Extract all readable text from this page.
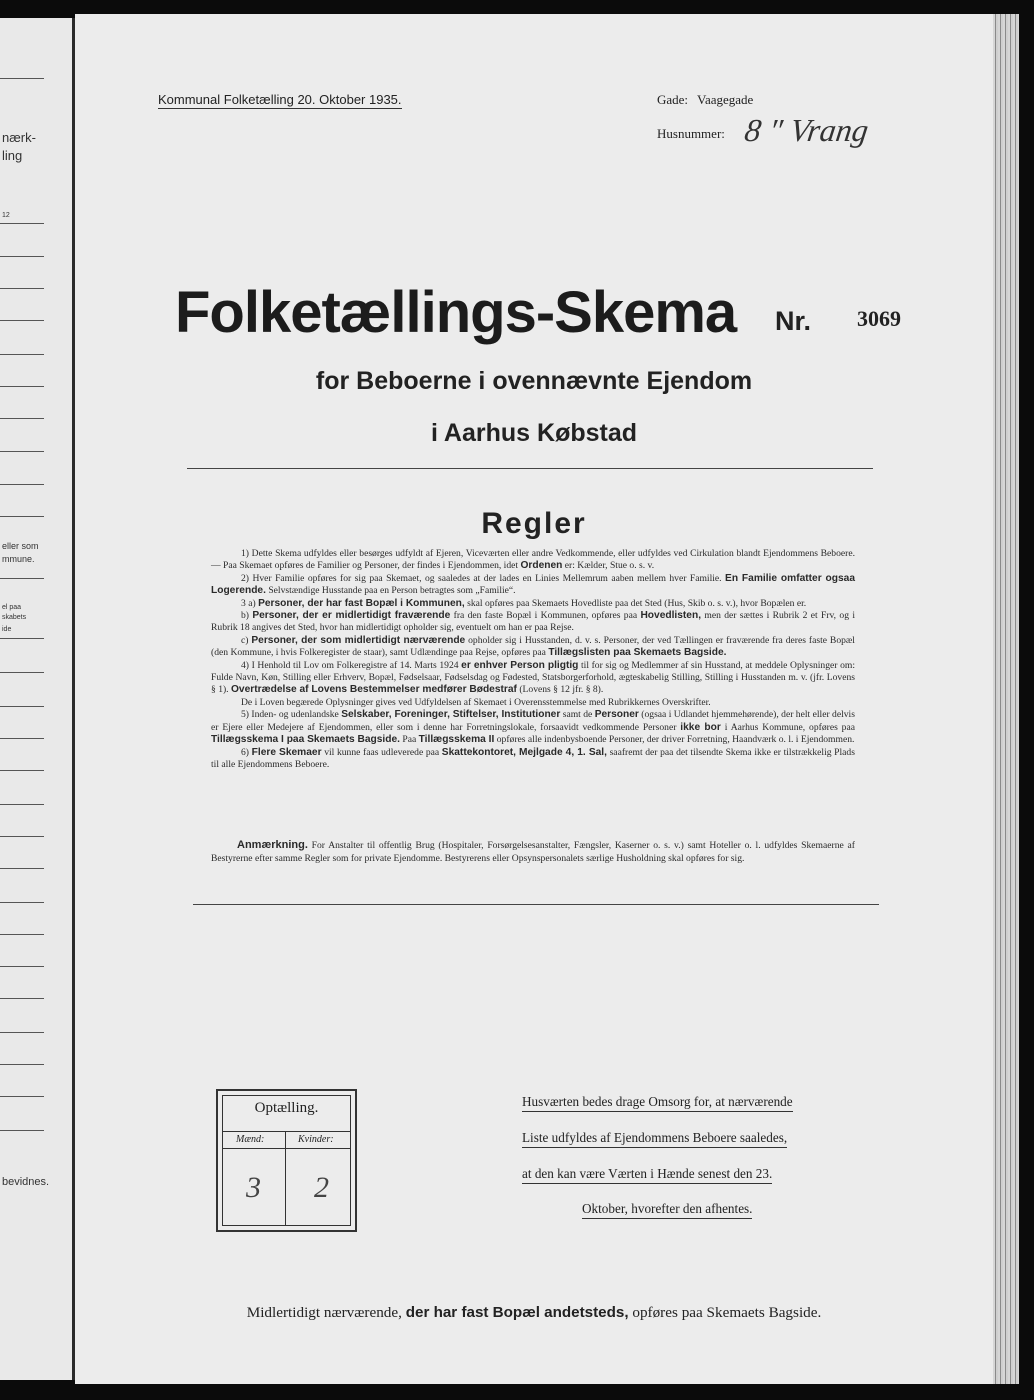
nærk-
ling
12
eller som
mmune.
el paa
skabets
ide
bevidnes.
Kommunal Folketælling 20. Oktober 1935.	Gade: Vaagegade
Husnummer: 8 " Vrang
Folketællings-Skema Nr. 3069
for Beboerne i ovennævnte Ejendom
i Aarhus Købstad
Regler

1) Dette Skema udfyldes eller besørges udfyldt af Ejeren, Viceværten eller andre Vedkommende, eller udfyldes ved Cirkulation blandt Ejendommens Beboere. — Paa Skemaet opføres de Familier og Personer, der findes i Ejendommen, idet Ordenen er: Kælder, Stue o. s. v.

2) Hver Familie opføres for sig paa Skemaet, og saaledes at der lades en Linies Mellemrum aaben mellem hver Familie. En Familie omfatter ogsaa Logerende. Selvstændige Husstande paa en Person betragtes som „Familie“.

3 a) Personer, der har fast Bopæl i Kommunen, skal opføres paa Skemaets Hovedliste paa det Sted (Hus, Skib o. s. v.), hvor Bopælen er.

b) Personer, der er midlertidigt fraværende fra den faste Bopæl i Kommunen, opføres paa Hovedlisten, men der sættes i Rubrik 2 et Frv, og i Rubrik 18 angives det Sted, hvor han midlertidigt opholder sig, eventuelt om han er paa Rejse.

c) Personer, der som midlertidigt nærværende opholder sig i Husstanden, d. v. s. Personer, der ved Tællingen er fraværende fra deres faste Bopæl (den Kommune, i hvis Folkeregister de staar), samt Udlændinge paa Rejse, opføres paa Tillægslisten paa Skemaets Bagside.

4) I Henhold til Lov om Folkeregistre af 14. Marts 1924 er enhver Person pligtig til for sig og Medlemmer af sin Husstand, at meddele Oplysninger om: Fulde Navn, Køn, Stilling eller Erhverv, Bopæl, Fødselsaar, Fødselsdag og Fødested, Statsborgerforhold, ægteskabelig Stilling, Stilling i Husstanden m. v. (jfr. Lovens § 1). Overtrædelse af Lovens Bestemmelser medfører Bødestraf (Lovens § 12 jfr. § 8).

De i Loven begærede Oplysninger gives ved Udfyldelsen af Skemaet i Overensstemmelse med Rubrikkernes Overskrifter.

5) Inden- og udenlandske Selskaber, Foreninger, Stiftelser, Institutioner samt de Personer (ogsaa i Udlandet hjemmehørende), der helt eller delvis er Ejere eller Medejere af Ejendommen, eller som i denne har Forretningslokale, forsaavidt vedkommende Personer ikke bor i Aarhus Kommune, opføres paa Tillægsskema I paa Skemaets Bagside. Paa Tillægsskema II opføres alle indenbysboende Personer, der driver Forretning, Haandværk o. l. i Ejendommen.

6) Flere Skemaer vil kunne faas udleverede paa Skattekontoret, Mejlgade 4, 1. Sal, saafremt der paa det tilsendte Skema ikke er tilstrækkelig Plads til alle Ejendommens Beboere.

Anmærkning. For Anstalter til offentlig Brug (Hospitaler, Forsørgelsesanstalter, Fængsler, Kaserner o. s. v.) samt Hoteller o. l. udfyldes Skemaerne af Bestyrerne efter samme Regler som for private Ejendomme. Bestyrerens eller Opsynspersonalets særlige Husholdning skal opføres for sig.

Optælling.
Mænd:	Kvinder:
3 2
Husværten bedes drage Omsorg for, at nærværende
Liste udfyldes af Ejendommens Beboere saaledes,
at den kan være Værten i Hænde senest den 23.
Oktober, hvorefter den afhentes.
Midlertidigt nærværende, der har fast Bopæl andetsteds, opføres paa Skemaets Bagside.
